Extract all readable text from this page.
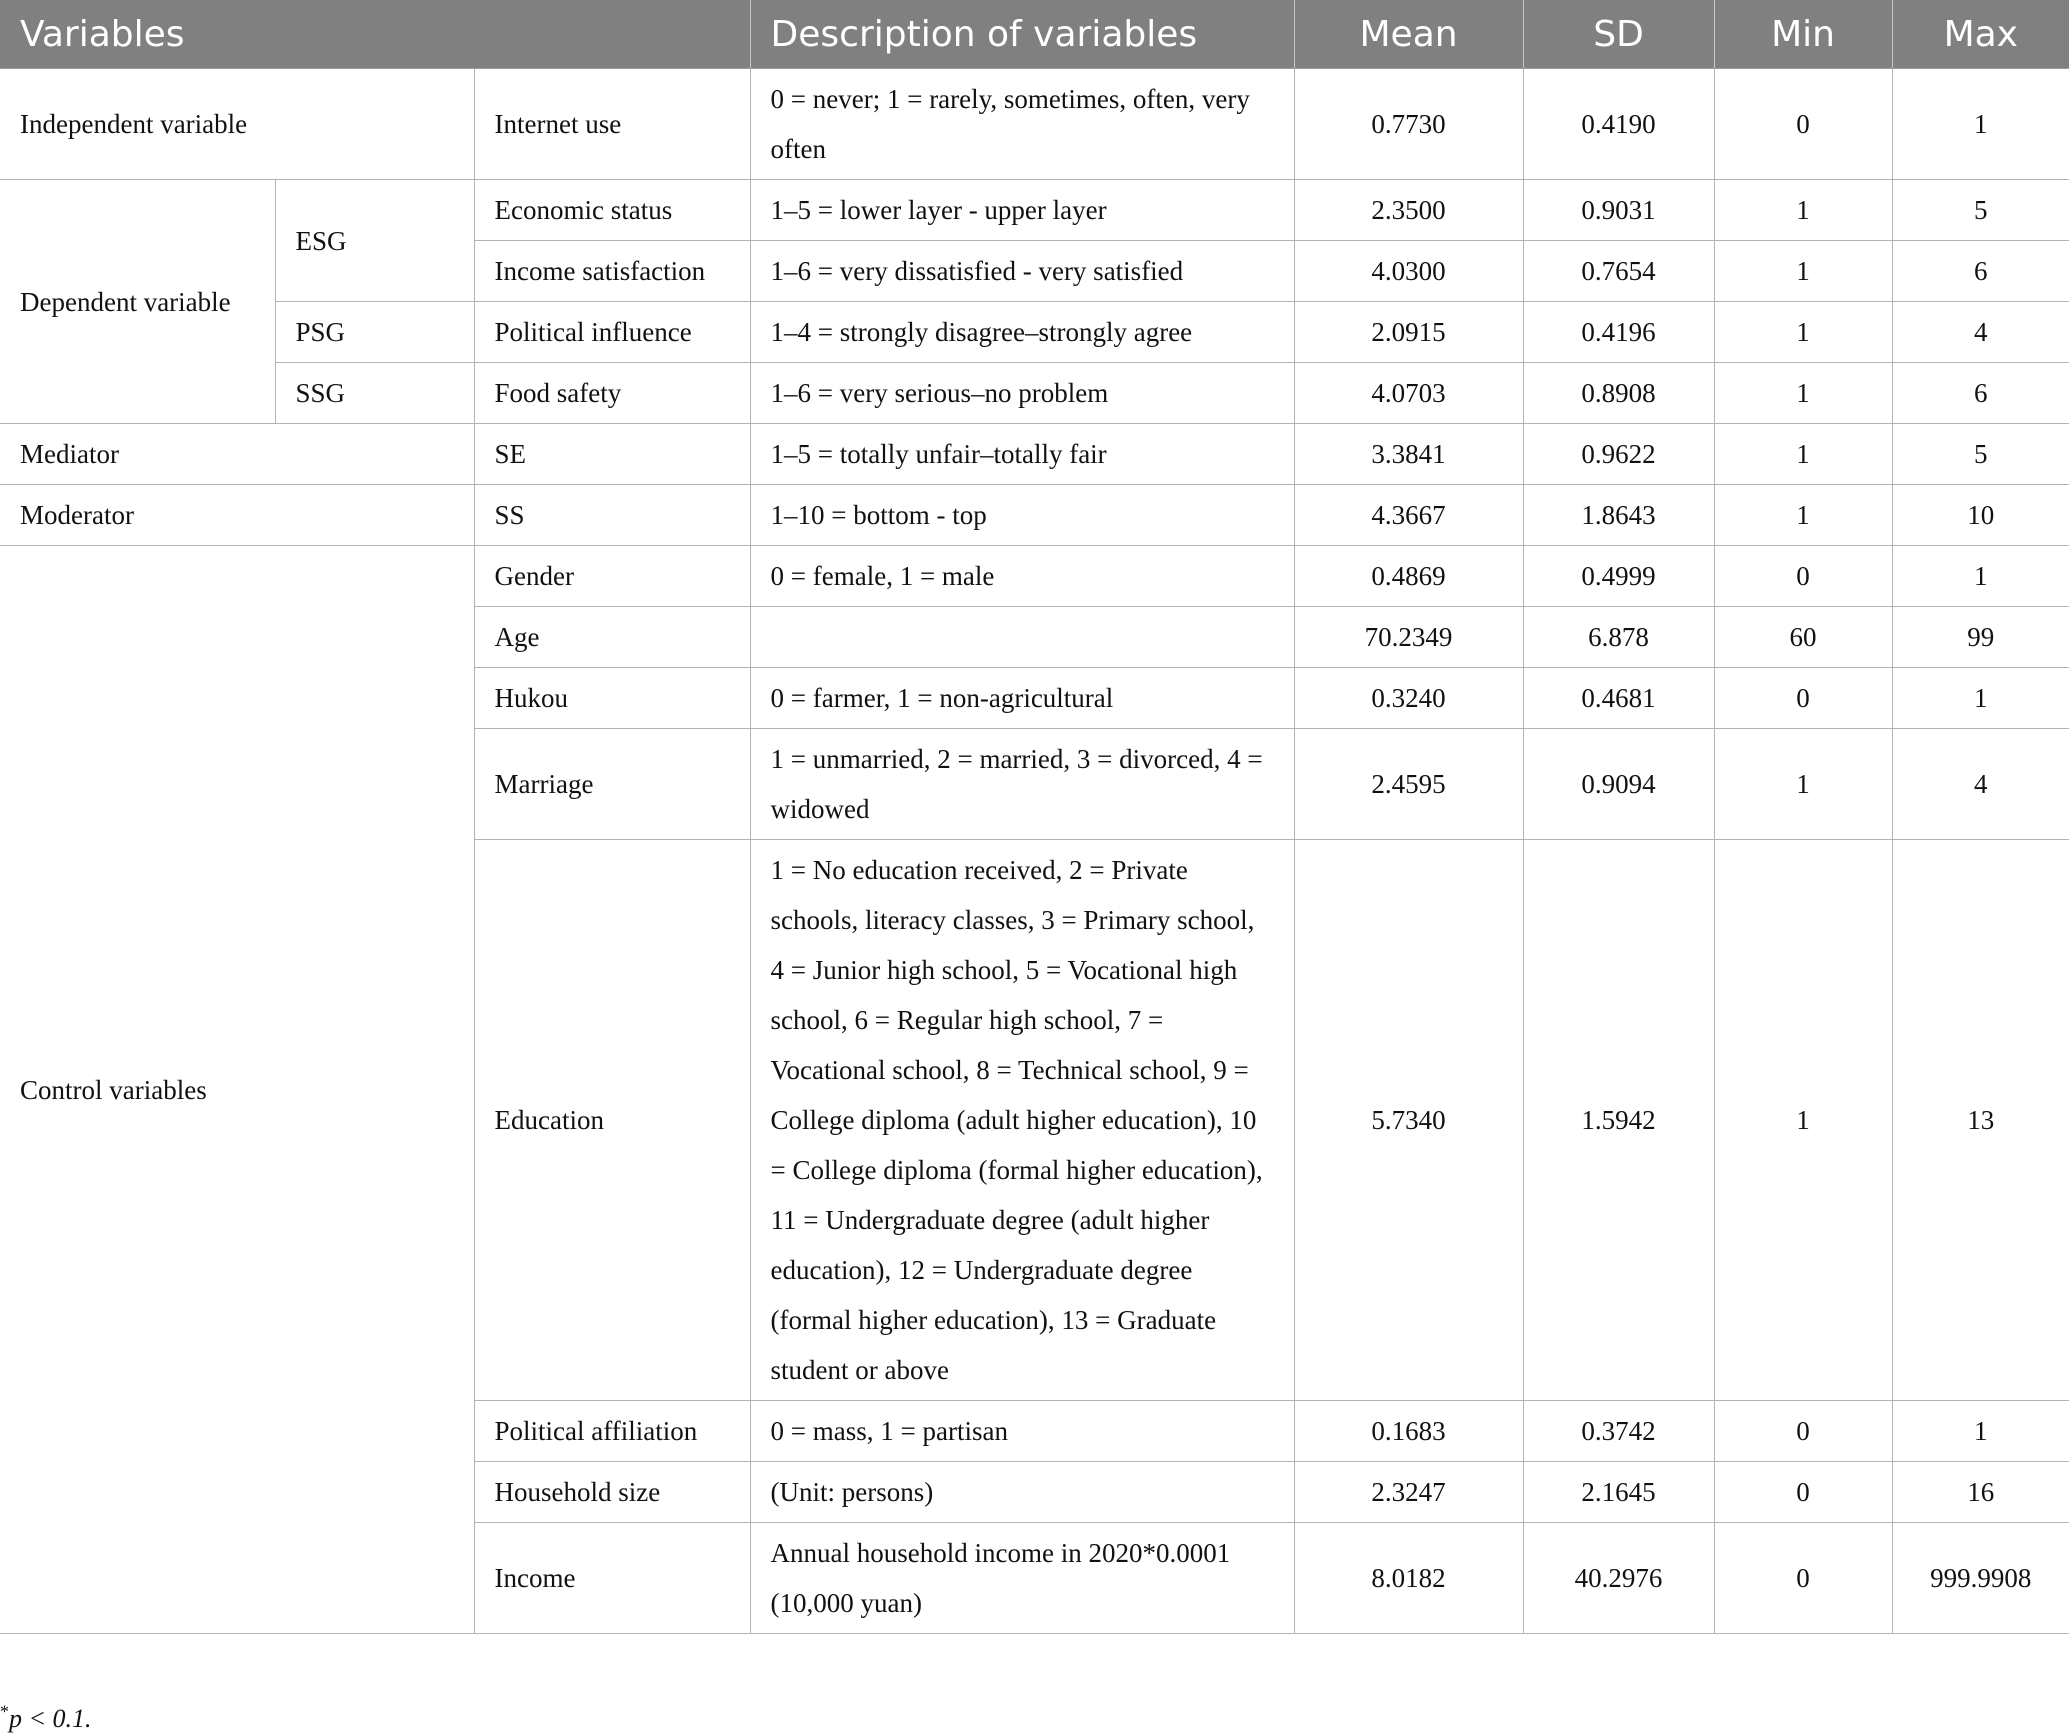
Variables			Description of variables	Mean	SD	Min	Max
Independent variable		Internet use	0 = never; 1 = rarely, sometimes, often, very often	0.7730	0.4190	0	1
Dependent variable	ESG	Economic status	1–5 = lower layer - upper layer	2.3500	0.9031	1	5
		Income satisfaction	1–6 = very dissatisfied - very satisfied	4.0300	0.7654	1	6
	PSG	Political influence	1–4 = strongly disagree–strongly agree	2.0915	0.4196	1	4
	SSG	Food safety	1–6 = very serious–no problem	4.0703	0.8908	1	6
Mediator		SE	1–5 = totally unfair–totally fair	3.3841	0.9622	1	5
Moderator		SS	1–10 = bottom - top	4.3667	1.8643	1	10
Control variables		Gender	0 = female, 1 = male	0.4869	0.4999	0	1
		Age		70.2349	6.878	60	99
		Hukou	0 = farmer, 1 = non-agricultural	0.3240	0.4681	0	1
		Marriage	1 = unmarried, 2 = married, 3 = divorced, 4 = widowed	2.4595	0.9094	1	4
		Education	1 = No education received, 2 = Private schools, literacy classes, 3 = Primary school, 4 = Junior high school, 5 = Vocational high school, 6 = Regular high school, 7 = Vocational school, 8 = Technical school, 9 = College diploma (adult higher education), 10 = College diploma (formal higher education), 11 = Undergraduate degree (adult higher education), 12 = Undergraduate degree (formal higher education), 13 = Graduate student or above	5.7340	1.5942	1	13
		Political affiliation	0 = mass, 1 = partisan	0.1683	0.3742	0	1
		Household size	(Unit: persons)	2.3247	2.1645	0	16
		Income	Annual household income in 2020*0.0001 (10,000 yuan)	8.0182	40.2976	0	999.9908
*p < 0.1.
